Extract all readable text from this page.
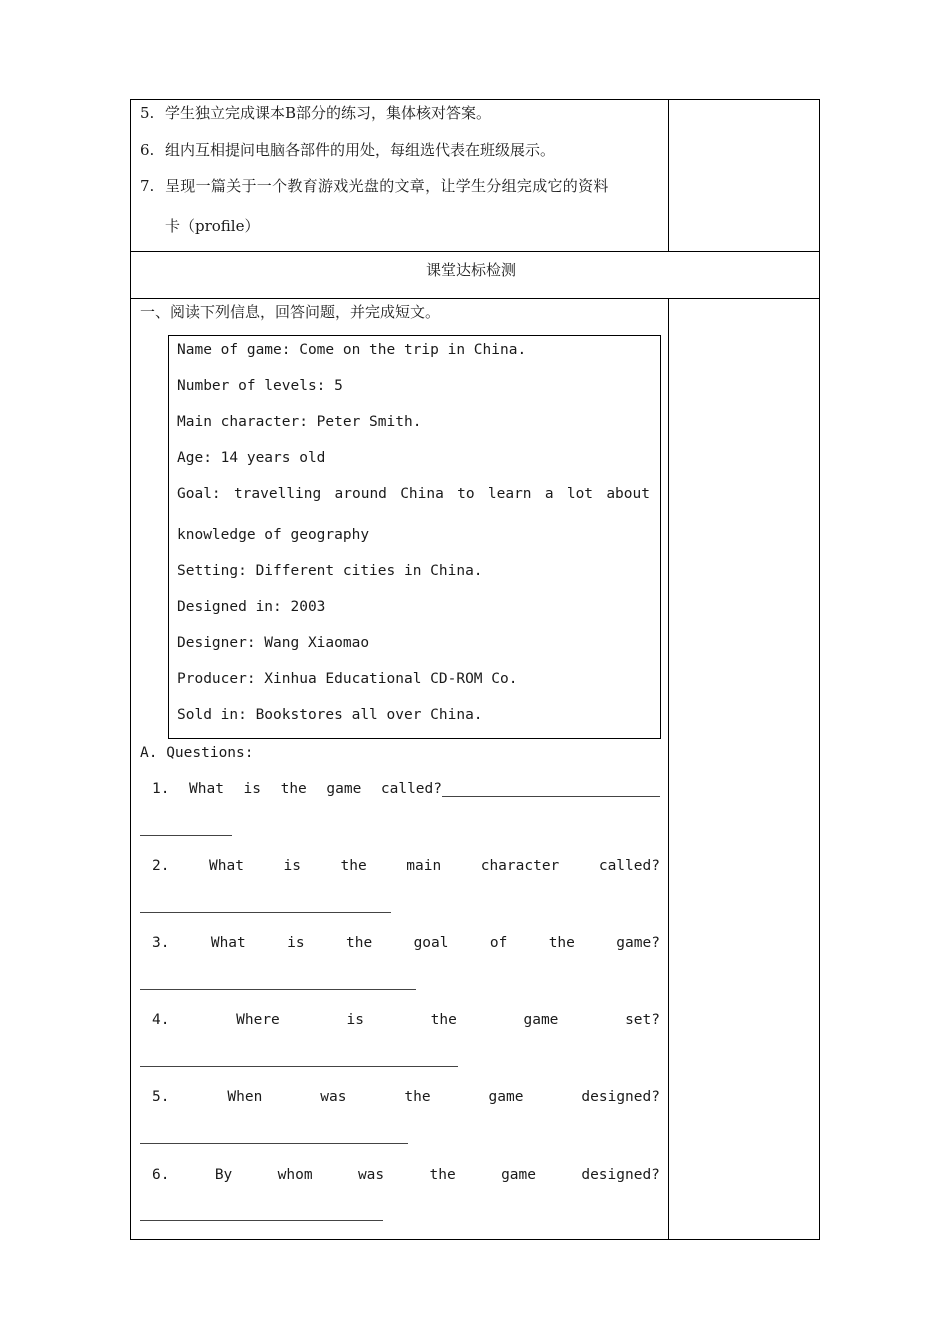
5. 学生独立完成课本B部分的练习，集体核对答案。
6. 组内互相提问电脑各部件的用处，每组选代表在班级展示。
7. 呈现一篇关于一个教育游戏光盘的文章，让学生分组完成它的资料
卡（profile）
课堂达标检测
一、阅读下列信息，回答问题，并完成短文。
Name of game: Come on the trip in China.
Number of levels: 5
Main character: Peter Smith.
Age: 14 years old
Goal: travelling around China to learn a lot about
knowledge of geography
Setting: Different cities in China.
Designed in: 2003
Designer: Wang Xiaomao
Producer: Xinhua Educational CD-ROM Co.
Sold in: Bookstores all over China.
A. Questions:
1. What is the game called?
2.	What	is	the	main	character	called?
3.	What	is	the	goal	of	the	game?
4.	Where	is	the	game	set?
5.	When	was	the	game	designed?
6.	By	whom	was	the	game	designed?
